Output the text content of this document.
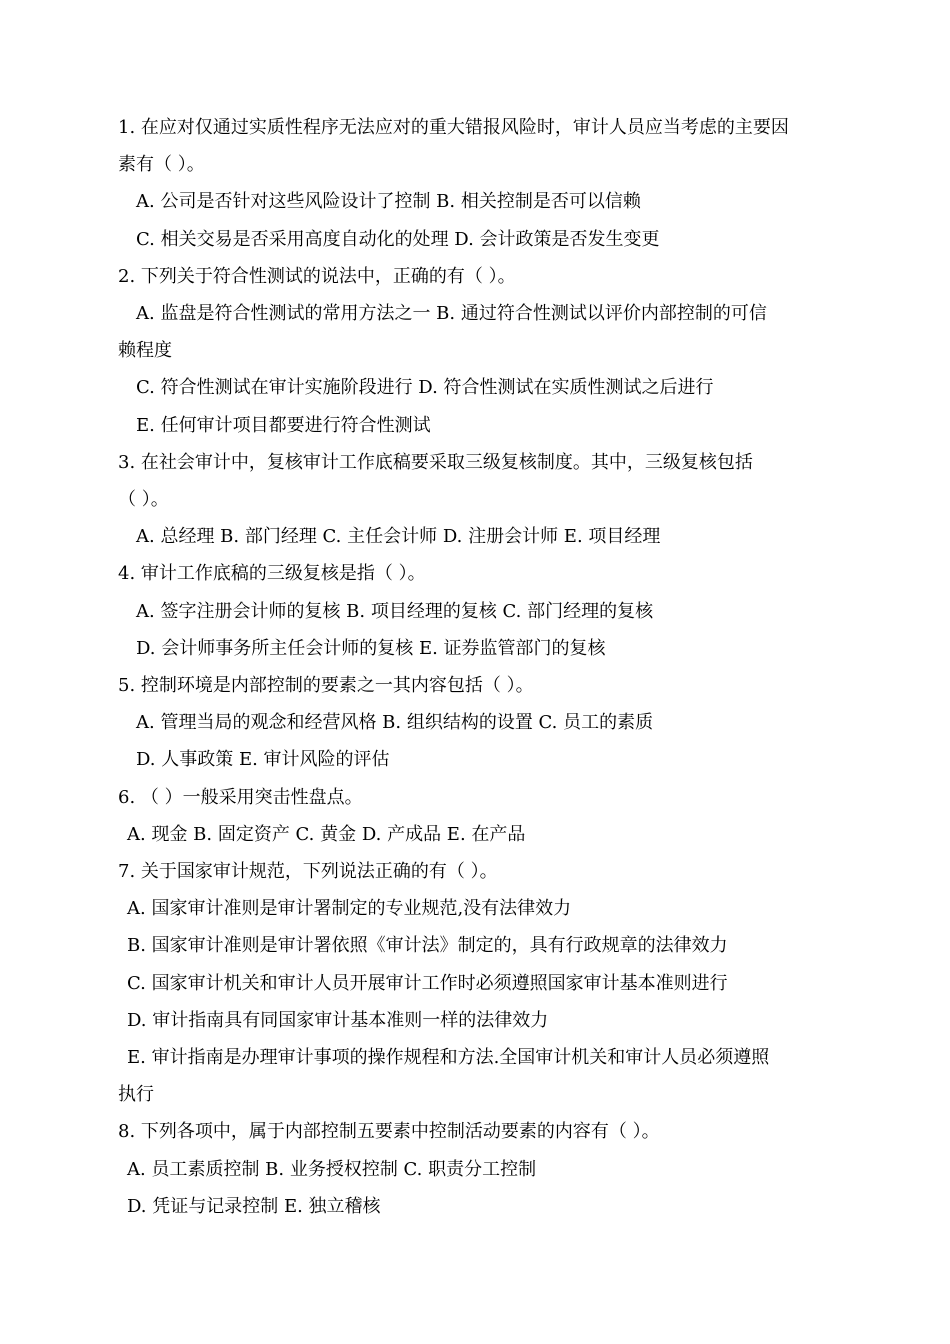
1. 在应对仅通过实质性程序无法应对的重大错报风险时，审计人员应当考虑的主要因
素有（ ）。
A. 公司是否针对这些风险设计了控制 B. 相关控制是否可以信赖
C. 相关交易是否采用高度自动化的处理 D. 会计政策是否发生变更
2. 下列关于符合性测试的说法中，正确的有（ ）。
A. 监盘是符合性测试的常用方法之一 B. 通过符合性测试以评价内部控制的可信
赖程度
C. 符合性测试在审计实施阶段进行 D. 符合性测试在实质性测试之后进行
E. 任何审计项目都要进行符合性测试
3. 在社会审计中，复核审计工作底稿要采取三级复核制度。其中，三级复核包括
（ ）。
A. 总经理 B. 部门经理 C. 主任会计师 D. 注册会计师 E. 项目经理
4. 审计工作底稿的三级复核是指（ ）。
A. 签字注册会计师的复核 B. 项目经理的复核 C. 部门经理的复核
D. 会计师事务所主任会计师的复核 E. 证券监管部门的复核
5. 控制环境是内部控制的要素之一其内容包括（ ）。
A. 管理当局的观念和经营风格 B. 组织结构的设置 C. 员工的素质
D. 人事政策 E. 审计风险的评估
6. （ ）一般采用突击性盘点。
A. 现金 B. 固定资产 C. 黄金 D. 产成品 E. 在产品
7. 关于国家审计规范，下列说法正确的有（ ）。
A. 国家审计准则是审计署制定的专业规范,没有法律效力
B. 国家审计准则是审计署依照《审计法》制定的，具有行政规章的法律效力
C. 国家审计机关和审计人员开展审计工作时必须遵照国家审计基本准则进行
D. 审计指南具有同国家审计基本准则一样的法律效力
E. 审计指南是办理审计事项的操作规程和方法.全国审计机关和审计人员必须遵照
执行
8. 下列各项中，属于内部控制五要素中控制活动要素的内容有（ ）。
A. 员工素质控制 B. 业务授权控制 C. 职责分工控制
D. 凭证与记录控制 E. 独立稽核
